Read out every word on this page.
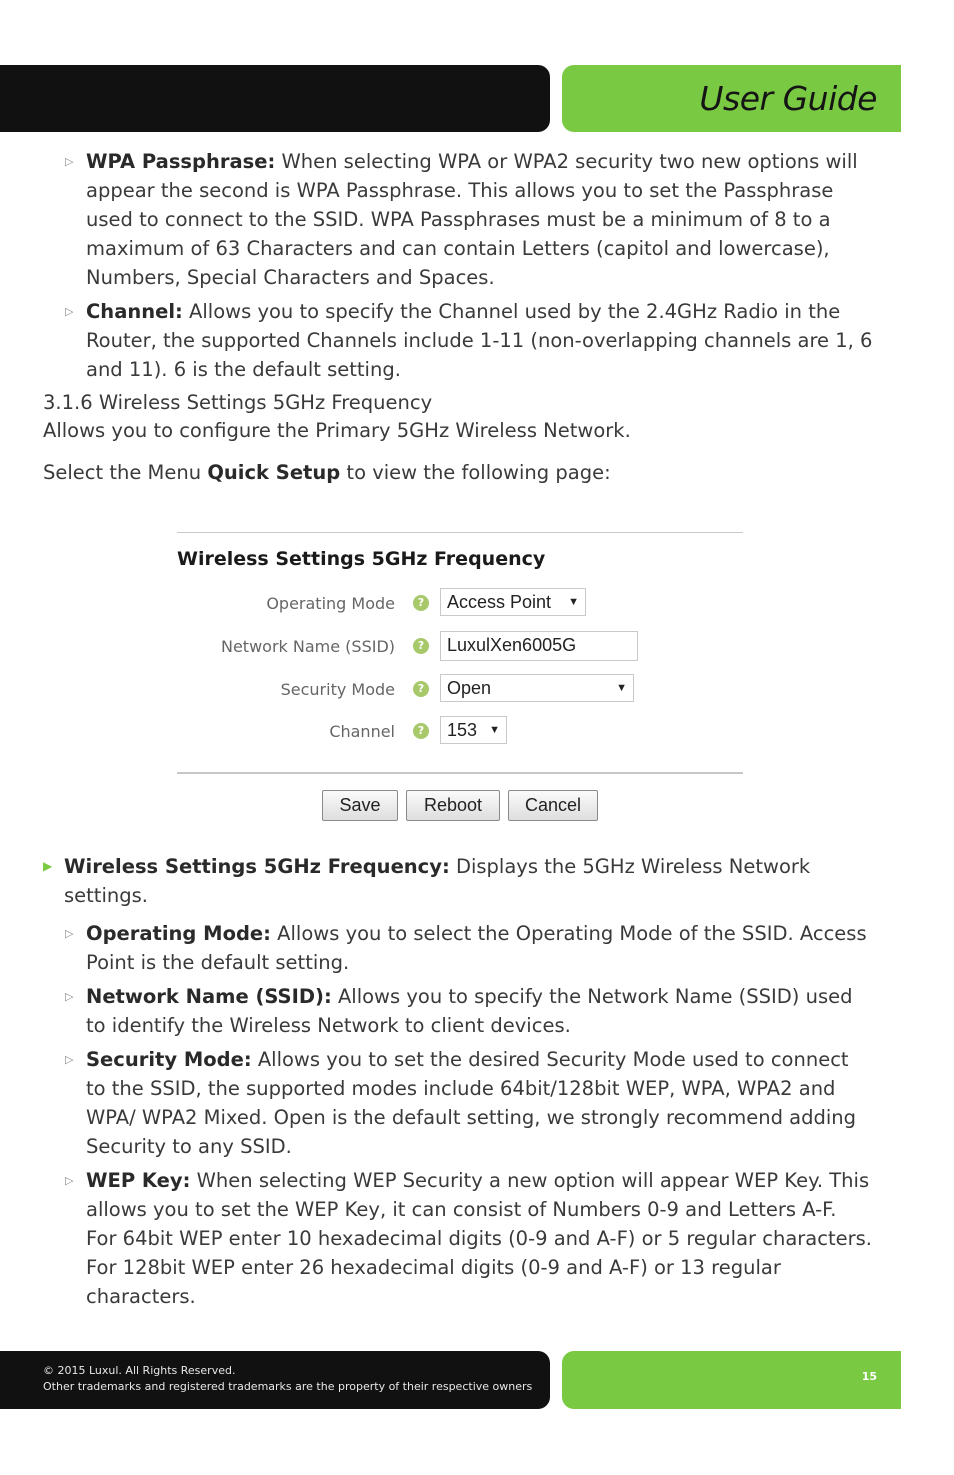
User Guide
▷ WPA Passphrase: When selecting WPA or WPA2 security two new options will appear the second is WPA Passphrase. This allows you to set the Passphrase used to connect to the SSID. WPA Passphrases must be a minimum of 8 to a maximum of 63 Characters and can contain Letters (capitol and lowercase), Numbers, Special Characters and Spaces.
▷ Channel: Allows you to specify the Channel used by the 2.4GHz Radio in the Router, the supported Channels include 1-11 (non-overlapping channels are 1, 6 and 11). 6 is the default setting.
3.1.6 Wireless Settings 5GHz Frequency
Allows you to configure the Primary 5GHz Wireless Network.
Select the Menu Quick Setup to view the following page:
Wireless Settings 5GHz Frequency
Operating Mode	?	Access Point ▼
Network Name (SSID)	?	LuxulXen6005G
Security Mode	?	Open	▼
Channel	?	153 ▼
Save	Reboot	Cancel
▶ Wireless Settings 5GHz Frequency: Displays the 5GHz Wireless Network settings.
▷ Operating Mode: Allows you to select the Operating Mode of the SSID. Access Point is the default setting.
▷ Network Name (SSID): Allows you to specify the Network Name (SSID) used to identify the Wireless Network to client devices.
▷ Security Mode: Allows you to set the desired Security Mode used to connect to the SSID, the supported modes include 64bit/128bit WEP, WPA, WPA2 and WPA/ WPA2 Mixed. Open is the default setting, we strongly recommend adding Security to any SSID.
▷ WEP Key: When selecting WEP Security a new option will appear WEP Key. This allows you to set the WEP Key, it can consist of Numbers 0-9 and Letters A-F. For 64bit WEP enter 10 hexadecimal digits (0-9 and A-F) or 5 regular characters. For 128bit WEP enter 26 hexadecimal digits (0-9 and A-F) or 13 regular characters.
© 2015 Luxul. All Rights Reserved.
Other trademarks and registered trademarks are the property of their respective owners
15
